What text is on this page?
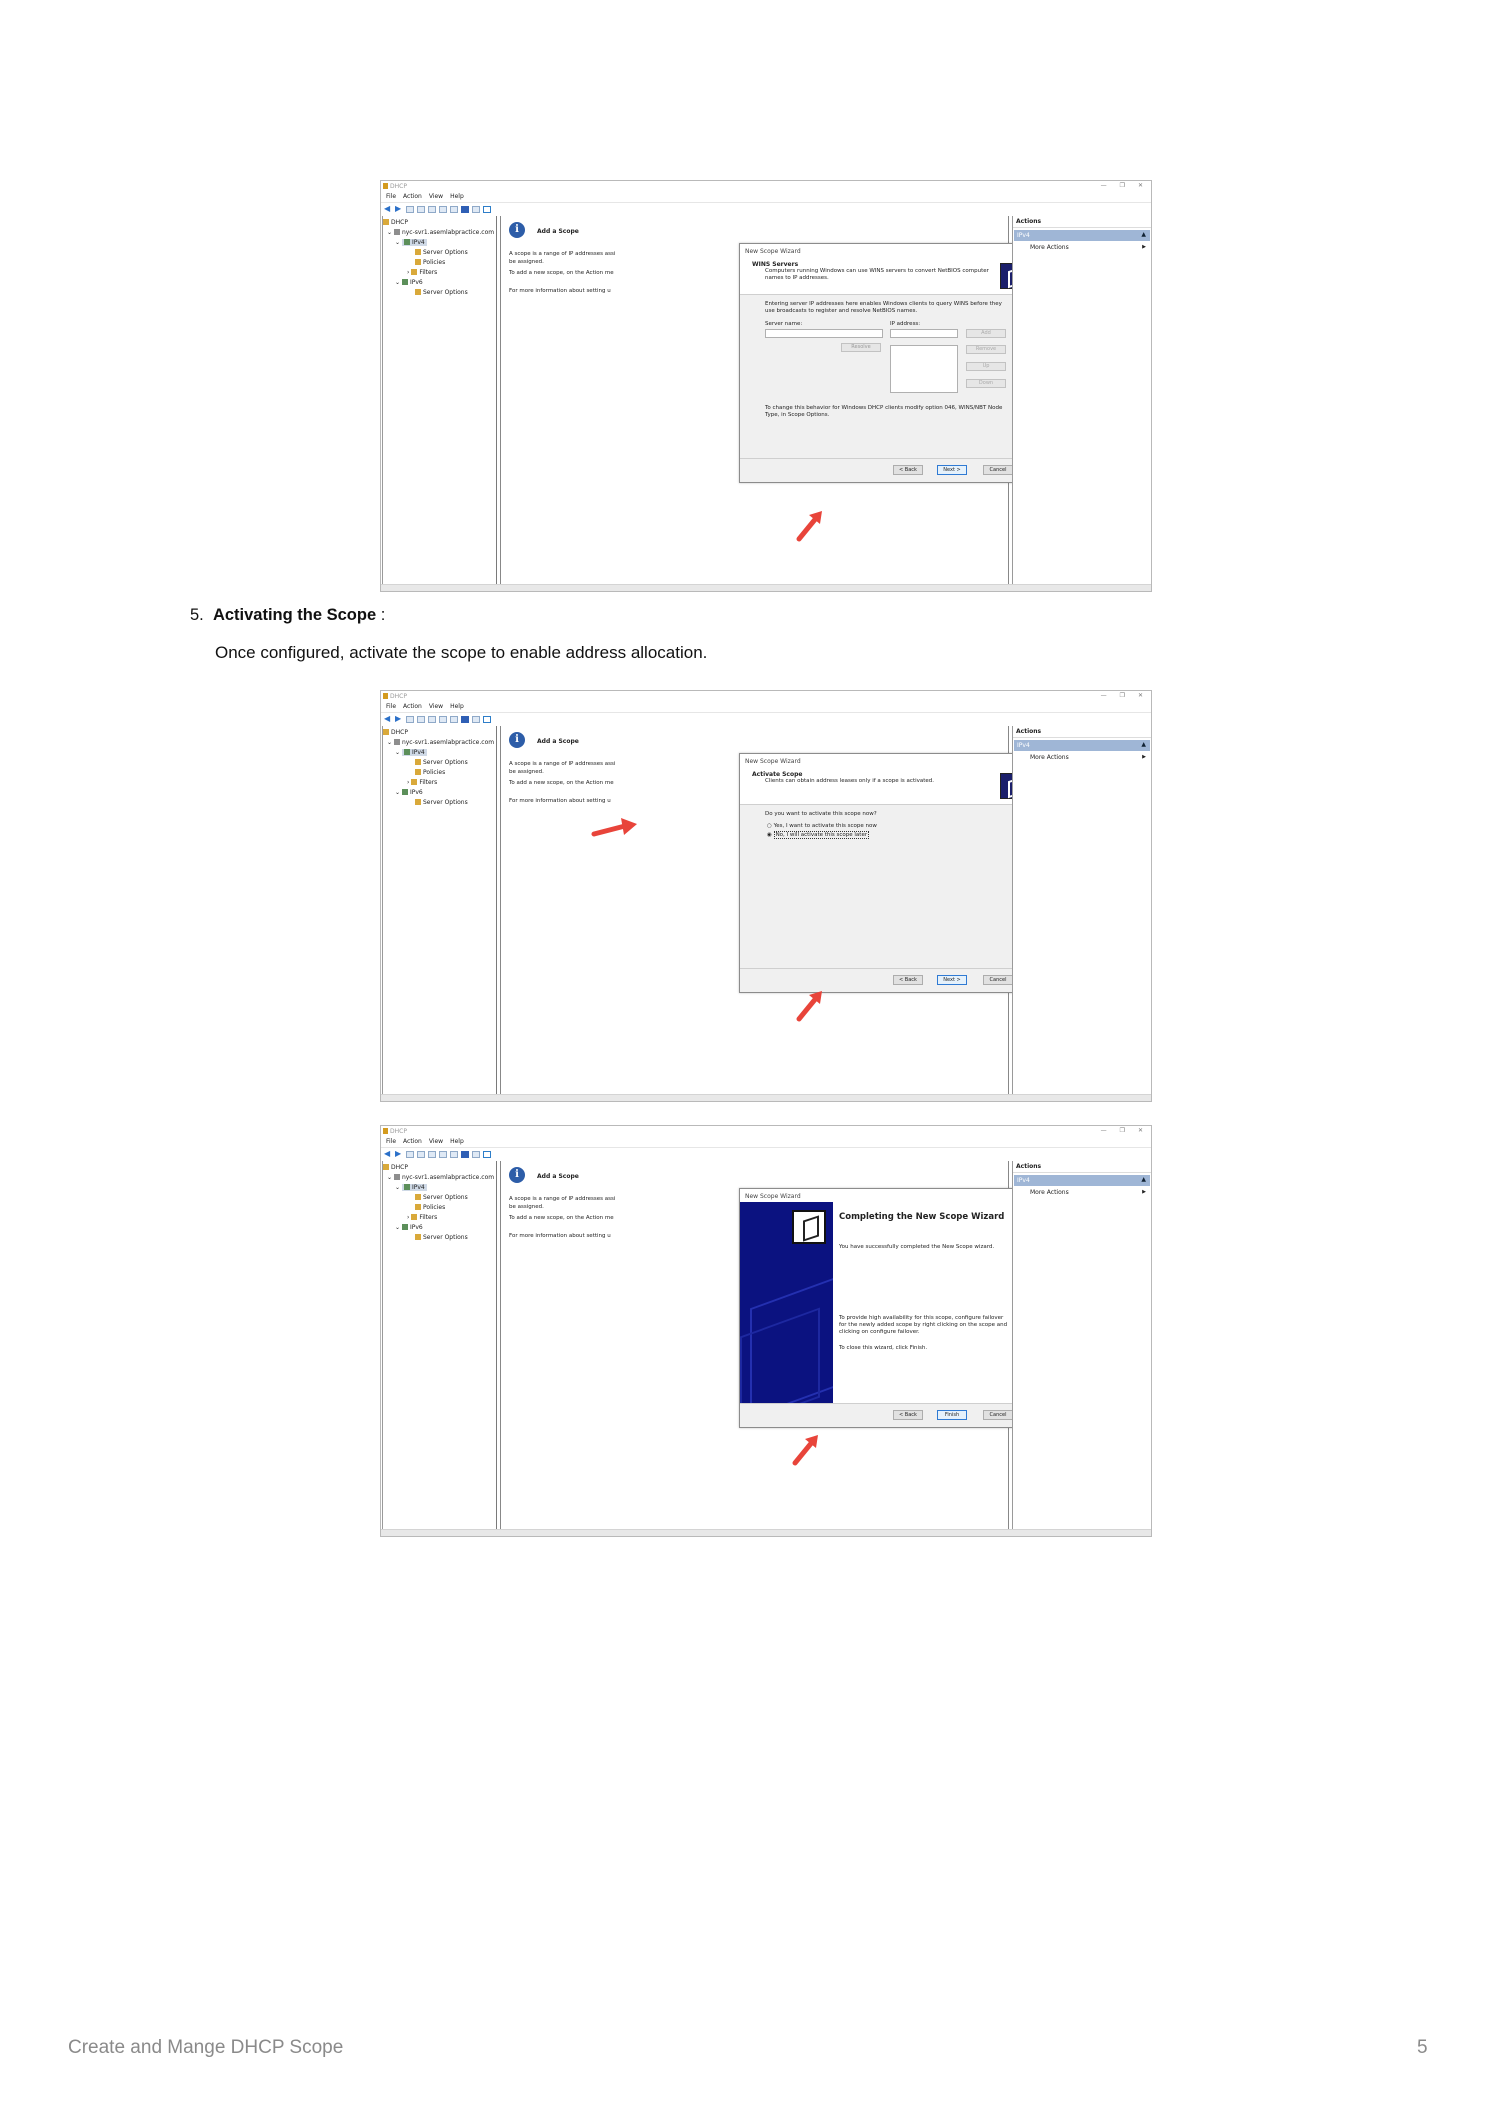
DHCP	— ❐ ✕
File Action View Help
◀ ▶
DHCP
⌄ nyc-svr1.asemlabpractice.com
⌄ IPv4
Server Options
Policies
› Filters
⌄ IPv6
Server Options
i	Add a Scope
A scope is a range of IP addresses assi
be assigned.
To add a new scope, on the Action me
For more information about setting u
New Scope Wizard
WINS Servers
Computers running Windows can use WINS servers to convert NetBIOS computer names to IP addresses.
Entering server IP addresses here enables Windows clients to query WINS before they use broadcasts to register and resolve NetBIOS names.
Server name:	IP address:
Resolve
Add
Remove
Up
Down
To change this behavior for Windows DHCP clients modify option 046, WINS/NBT Node Type, in Scope Options.
< Back	Next >	Cancel
Actions
IPv4	▲
More Actions	▶
5. Activating the Scope :
Once configured, activate the scope to enable address allocation.
DHCP	— ❐ ✕
File Action View Help
◀ ▶
DHCP
⌄ nyc-svr1.asemlabpractice.com
⌄ IPv4
Server Options
Policies
› Filters
⌄ IPv6
Server Options
i	Add a Scope
A scope is a range of IP addresses assi
be assigned.
To add a new scope, on the Action me
For more information about setting u
New Scope Wizard
Activate Scope
Clients can obtain address leases only if a scope is activated.
Do you want to activate this scope now?
○ Yes, I want to activate this scope now
◉ No, I will activate this scope later
< Back	Next >	Cancel
Actions
IPv4	▲
More Actions	▶
DHCP	— ❐ ✕
File Action View Help
◀ ▶
DHCP
⌄ nyc-svr1.asemlabpractice.com
⌄ IPv4
Server Options
Policies
› Filters
⌄ IPv6
Server Options
i	Add a Scope
A scope is a range of IP addresses assi
be assigned.
To add a new scope, on the Action me
For more information about setting u
New Scope Wizard
Completing the New Scope Wizard
You have successfully completed the New Scope wizard.
To provide high availability for this scope, configure failover for the newly added scope by right clicking on the scope and clicking on configure failover.
To close this wizard, click Finish.
< Back	Finish	Cancel
Actions
IPv4	▲
More Actions	▶
Create and Mange DHCP Scope	5
